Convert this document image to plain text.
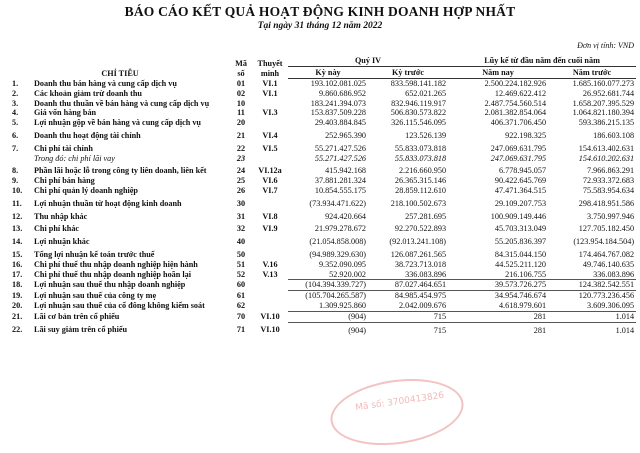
BÁO CÁO KẾT QUẢ HOẠT ĐỘNG KINH DOANH HỢP NHẤT
Tại ngày 31 tháng 12 năm 2022
Đơn vị tính: VND
CHỈ TIÊU		Mã số	Thuyết minh	Quý IV		Lũy kế từ đầu năm đến cuối năm	
				Kỳ này	Kỳ trước	Năm nay	Năm trước
1.	Doanh thu bán hàng và cung cấp dịch vụ	01	VI.1	193.102.081.025	833.598.141.182	2.500.224.182.926	1.685.160.077.273
2.	Các khoản giảm trừ doanh thu	02	VI.1	9.860.686.952	652.021.265	12.469.622.412	26.952.681.744
3.	Doanh thu thuần về bán hàng và cung cấp dịch vụ	10		183.241.394.073	832.946.119.917	2.487.754.560.514	1.658.207.395.529
4.	Giá vốn hàng bán	11	VI.3	153.837.509.228	506.830.573.822	2.081.382.854.064	1.064.821.180.394
5.	Lợi nhuận gộp về bán hàng và cung cấp dịch vụ	20		29.403.884.845	326.115.546.095	406.371.706.450	593.386.215.135
6.	Doanh thu hoạt động tài chính	21	VI.4	252.965.390	123.526.139	922.198.325	186.603.108
7.	Chi phí tài chính	22	VI.5	55.271.427.526	55.833.073.818	247.069.631.795	154.613.402.631
	Trong đó: chi phí lãi vay	23		55.271.427.526	55.833.073.818	247.069.631.795	154.610.202.631
8.	Phần lãi hoặc lỗ trong công ty liên doanh, liên kết	24	VI.12a	415.942.168	2.216.660.950	6.778.945.057	7.966.863.291
9.	Chi phí bán hàng	25	VI.6	37.881.281.324	26.365.315.146	90.422.645.769	72.933.372.683
10.	Chi phí quản lý doanh nghiệp	26	VI.7	10.854.555.175	28.859.112.610	47.471.364.515	75.583.954.634
11.	Lợi nhuận thuần từ hoạt động kinh doanh	30		(73.934.471.622)	218.100.502.673	29.109.207.753	298.418.951.586
12.	Thu nhập khác	31	VI.8	924.420.664	257.281.695	100.909.149.446	3.750.997.946
13.	Chi phí khác	32	VI.9	21.979.278.672	92.270.522.893	45.703.313.049	127.705.182.450
14.	Lợi nhuận khác	40		(21.054.858.008)	(92.013.241.108)	55.205.836.397	(123.954.184.504)
15.	Tổng lợi nhuận kế toán trước thuế	50		(94.989.329.630)	126.087.261.565	84.315.044.150	174.464.767.082
16.	Chi phí thuế thu nhập doanh nghiệp hiện hành	51	V.16	9.352.090.095	38.723.713.018	44.525.211.120	49.746.140.635
17.	Chi phí thuế thu nhập doanh nghiệp hoãn lại	52	V.13	52.920.002	336.083.896	216.106.755	336.083.896
18.	Lợi nhuận sau thuế thu nhập doanh nghiệp	60		(104.394.339.727)	87.027.464.651	39.573.726.275	124.382.542.551
19.	Lợi nhuận sau thuế của công ty mẹ	61		(105.704.265.587)	84.985.454.975	34.954.746.674	120.773.236.456
20.	Lợi nhuận sau thuế của cổ đông không kiểm soát	62		1.309.925.860	2.042.009.676	4.618.979.601	3.609.306.095
21.	Lãi cơ bản trên cổ phiếu	70	VI.10	(904)	715	281	1.014
22.	Lãi suy giảm trên cổ phiếu	71	VI.10	(904)	715	281	1.014
Mã số: 3700413826
